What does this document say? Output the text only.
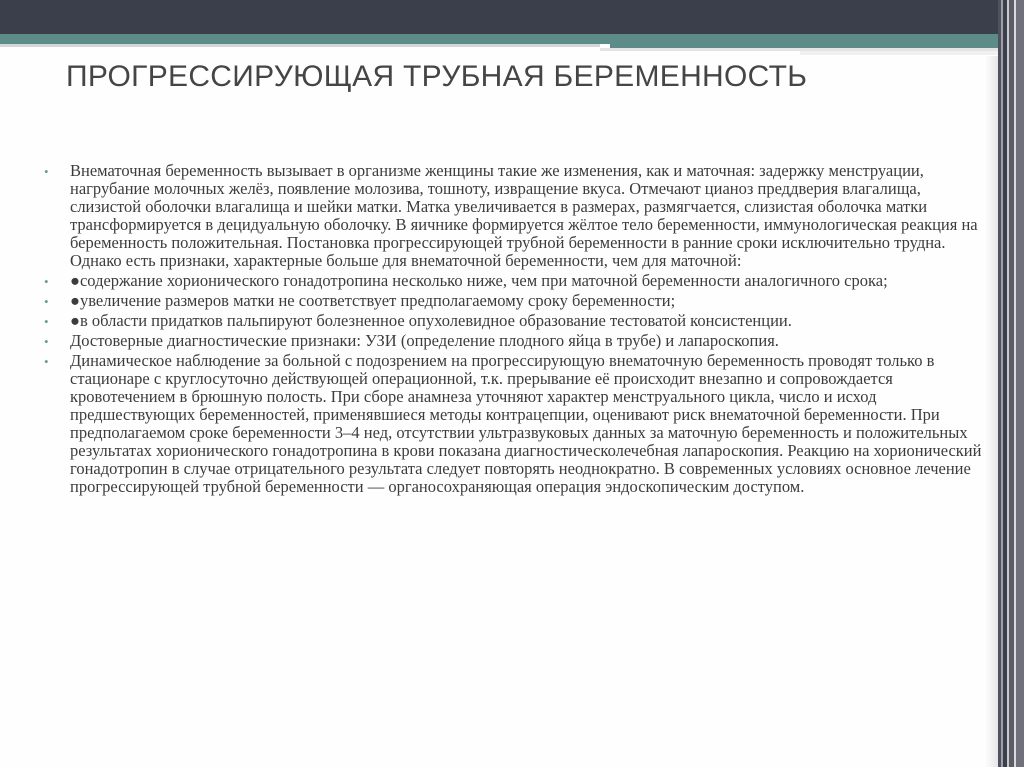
ПРОГРЕССИРУЮЩАЯ ТРУБНАЯ БЕРЕМЕННОСТЬ
• Внематочная беременность вызывает в организме женщины такие же изменения, как и маточная: задержку менструации, нагрубание молочных желёз, появление молозива, тошноту, извращение вкуса. Отмечают цианоз преддверия влагалища, слизистой оболочки влагалища и шейки матки. Матка увеличивается в размерах, размягчается, слизистая оболочка матки трансформируется в децидуальную оболочку. В яичнике формируется жёлтое тело беременности, иммунологическая реакция на беременность положительная. Постановка прогрессирующей трубной беременности в ранние сроки исключительно трудна. Однако есть признаки, характерные больше для внематочной беременности, чем для маточной:
• ●содержание хорионического гонадотропина несколько ниже, чем при маточной беременности аналогичного срока;
• ●увеличение размеров матки не соответствует предполагаемому сроку беременности;
• ●в области придатков пальпируют болезненное опухолевидное образование тестоватой консистенции.
• Достоверные диагностические признаки: УЗИ (определение плодного яйца в трубе) и лапароскопия.
• Динамическое наблюдение за больной с подозрением на прогрессирующую внематочную беременность проводят только в стационаре с круглосуточно действующей операционной, т.к. прерывание её происходит внезапно и сопровождается кровотечением в брюшную полость. При сборе анамнеза уточняют характер менструального цикла, число и исход предшествующих беременностей, применявшиеся методы контрацепции, оценивают риск внематочной беременности. При предполагаемом сроке беременности 3–4 нед, отсутствии ультразвуковых данных за маточную беременность и положительных результатах хорионического гонадотропина в крови показана диагностическолечебная лапароскопия. Реакцию на хорионический гонадотропин в случае отрицательного результата следует повторять неоднократно. В современных условиях основное лечение прогрессирующей трубной беременности — органосохраняющая операция эндоскопическим доступом.
